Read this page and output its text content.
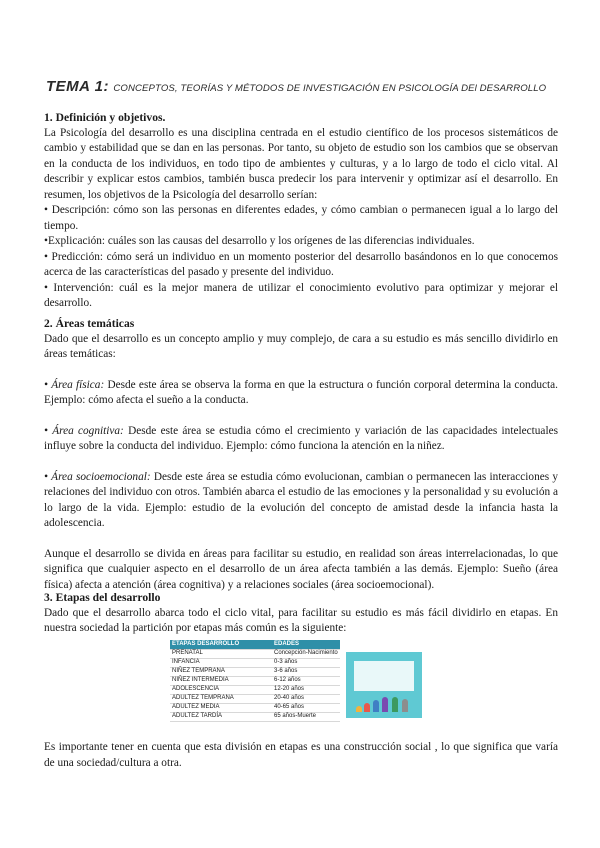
TEMA 1: CONCEPTOS, TEORÍAS Y MÉTODOS DE INVESTIGACIÓN EN PSICOLOGÍA DEl DESARROLLO

1. Definición y objetivos.

La Psicología del desarrollo es una disciplina centrada en el estudio científico de los procesos sistemáticos de cambio y estabilidad que se dan en las personas. Por tanto, su objeto de estudio son los cambios que se observan en la conducta de los individuos, en todo tipo de ambientes y culturas, y a lo largo de todo el ciclo vital. Al describir y explicar estos cambios, también busca predecir los para intervenir y optimizar así el desarrollo. En resumen, los objetivos de la Psicología del desarrollo serían:

• Descripción: cómo son las personas en diferentes edades, y cómo cambian o permanecen igual a lo largo del tiempo.

•Explicación: cuáles son las causas del desarrollo y los orígenes de las diferencias individuales.

• Predicción: cómo será un individuo en un momento posterior del desarrollo basándonos en lo que conocemos acerca de las características del pasado y presente del individuo.

• Intervención: cuál es la mejor manera de utilizar el conocimiento evolutivo para optimizar y mejorar el desarrollo.

2. Áreas temáticas

Dado que el desarrollo es un concepto amplio y muy complejo, de cara a su estudio es más sencillo dividirlo en áreas temáticas:

• Área física: Desde este área se observa la forma en que la estructura o función corporal determina la conducta. Ejemplo: cómo afecta el sueño a la conducta.

• Área cognitiva: Desde este área se estudia cómo el crecimiento y variación de las capacidades intelectuales influye sobre la conducta del individuo. Ejemplo: cómo funciona la atención en la niñez.

• Área socioemocional: Desde este área se estudia cómo evolucionan, cambian o permanecen las interacciones y relaciones del individuo con otros. También abarca el estudio de las emociones y la personalidad y su evolución a lo largo de la vida. Ejemplo: estudio de la evolución del concepto de amistad desde la infancia hasta la adolescencia.

Aunque el desarrollo se divida en áreas para facilitar su estudio, en realidad son áreas interrelacionadas, lo que significa que cualquier aspecto en el desarrollo de un área afecta también a las demás. Ejemplo: Sueño (área física) afecta a atención (área cognitiva) y a relaciones sociales (área socioemocional).

3. Etapas del desarrollo

Dado que el desarrollo abarca todo el ciclo vital, para facilitar su estudio es más fácil dividirlo en etapas. En nuestra sociedad la partición por etapas más común es la siguiente:

ETAPAS DESARROLLO	EDADES
PRENATAL	Concepción-Nacimiento
INFANCIA	0-3 años
NIÑEZ TEMPRANA	3-6 años
NIÑEZ INTERMEDIA	6-12 años
ADOLESCENCIA	12-20 años
ADULTEZ TEMPRANA	20-40 años
ADULTEZ MEDIA	40-65 años
ADULTEZ TARDÍA	65 años-Muerte

Es importante tener en cuenta que esta división en etapas es una construcción social , lo que significa que varía de una sociedad/cultura a otra.
